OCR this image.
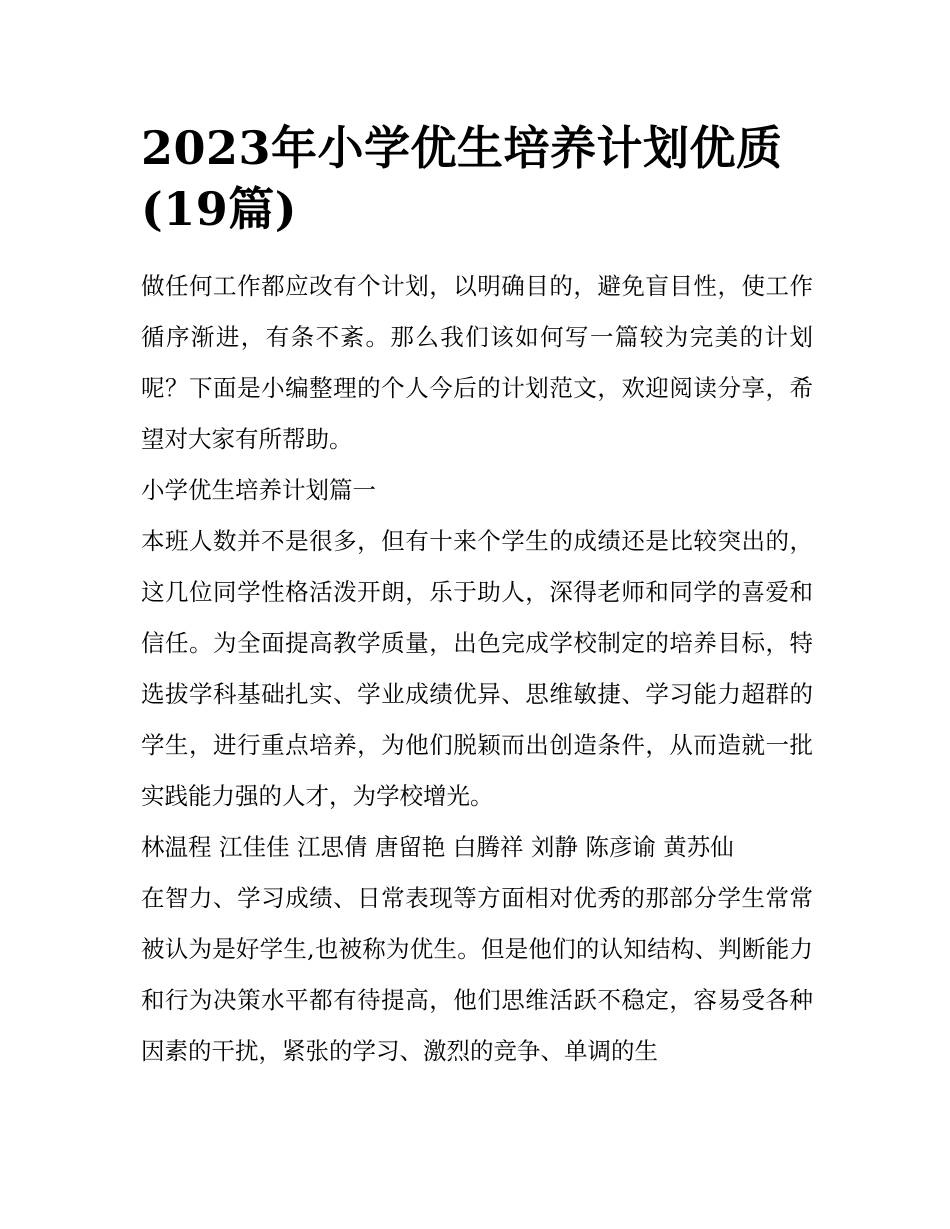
2023年小学优生培养计划优质(19篇)

做任何工作都应改有个计划，以明确目的，避免盲目性，使工作循序渐进，有条不紊。那么我们该如何写一篇较为完美的计划呢？下面是小编整理的个人今后的计划范文，欢迎阅读分享，希望对大家有所帮助。

小学优生培养计划篇一

本班人数并不是很多，但有十来个学生的成绩还是比较突出的，这几位同学性格活泼开朗，乐于助人，深得老师和同学的喜爱和信任。为全面提高教学质量，出色完成学校制定的培养目标，特选拔学科基础扎实、学业成绩优异、思维敏捷、学习能力超群的学生，进行重点培养，为他们脱颖而出创造条件，从而造就一批实践能力强的人才，为学校增光。

林温程 江佳佳 江思倩 唐留艳 白腾祥 刘静 陈彦谕 黄苏仙

在智力、学习成绩、日常表现等方面相对优秀的那部分学生常常被认为是好学生,也被称为优生。但是他们的认知结构、判断能力和行为决策水平都有待提高，他们思维活跃不稳定，容易受各种因素的干扰，紧张的学习、激烈的竞争、单调的生
